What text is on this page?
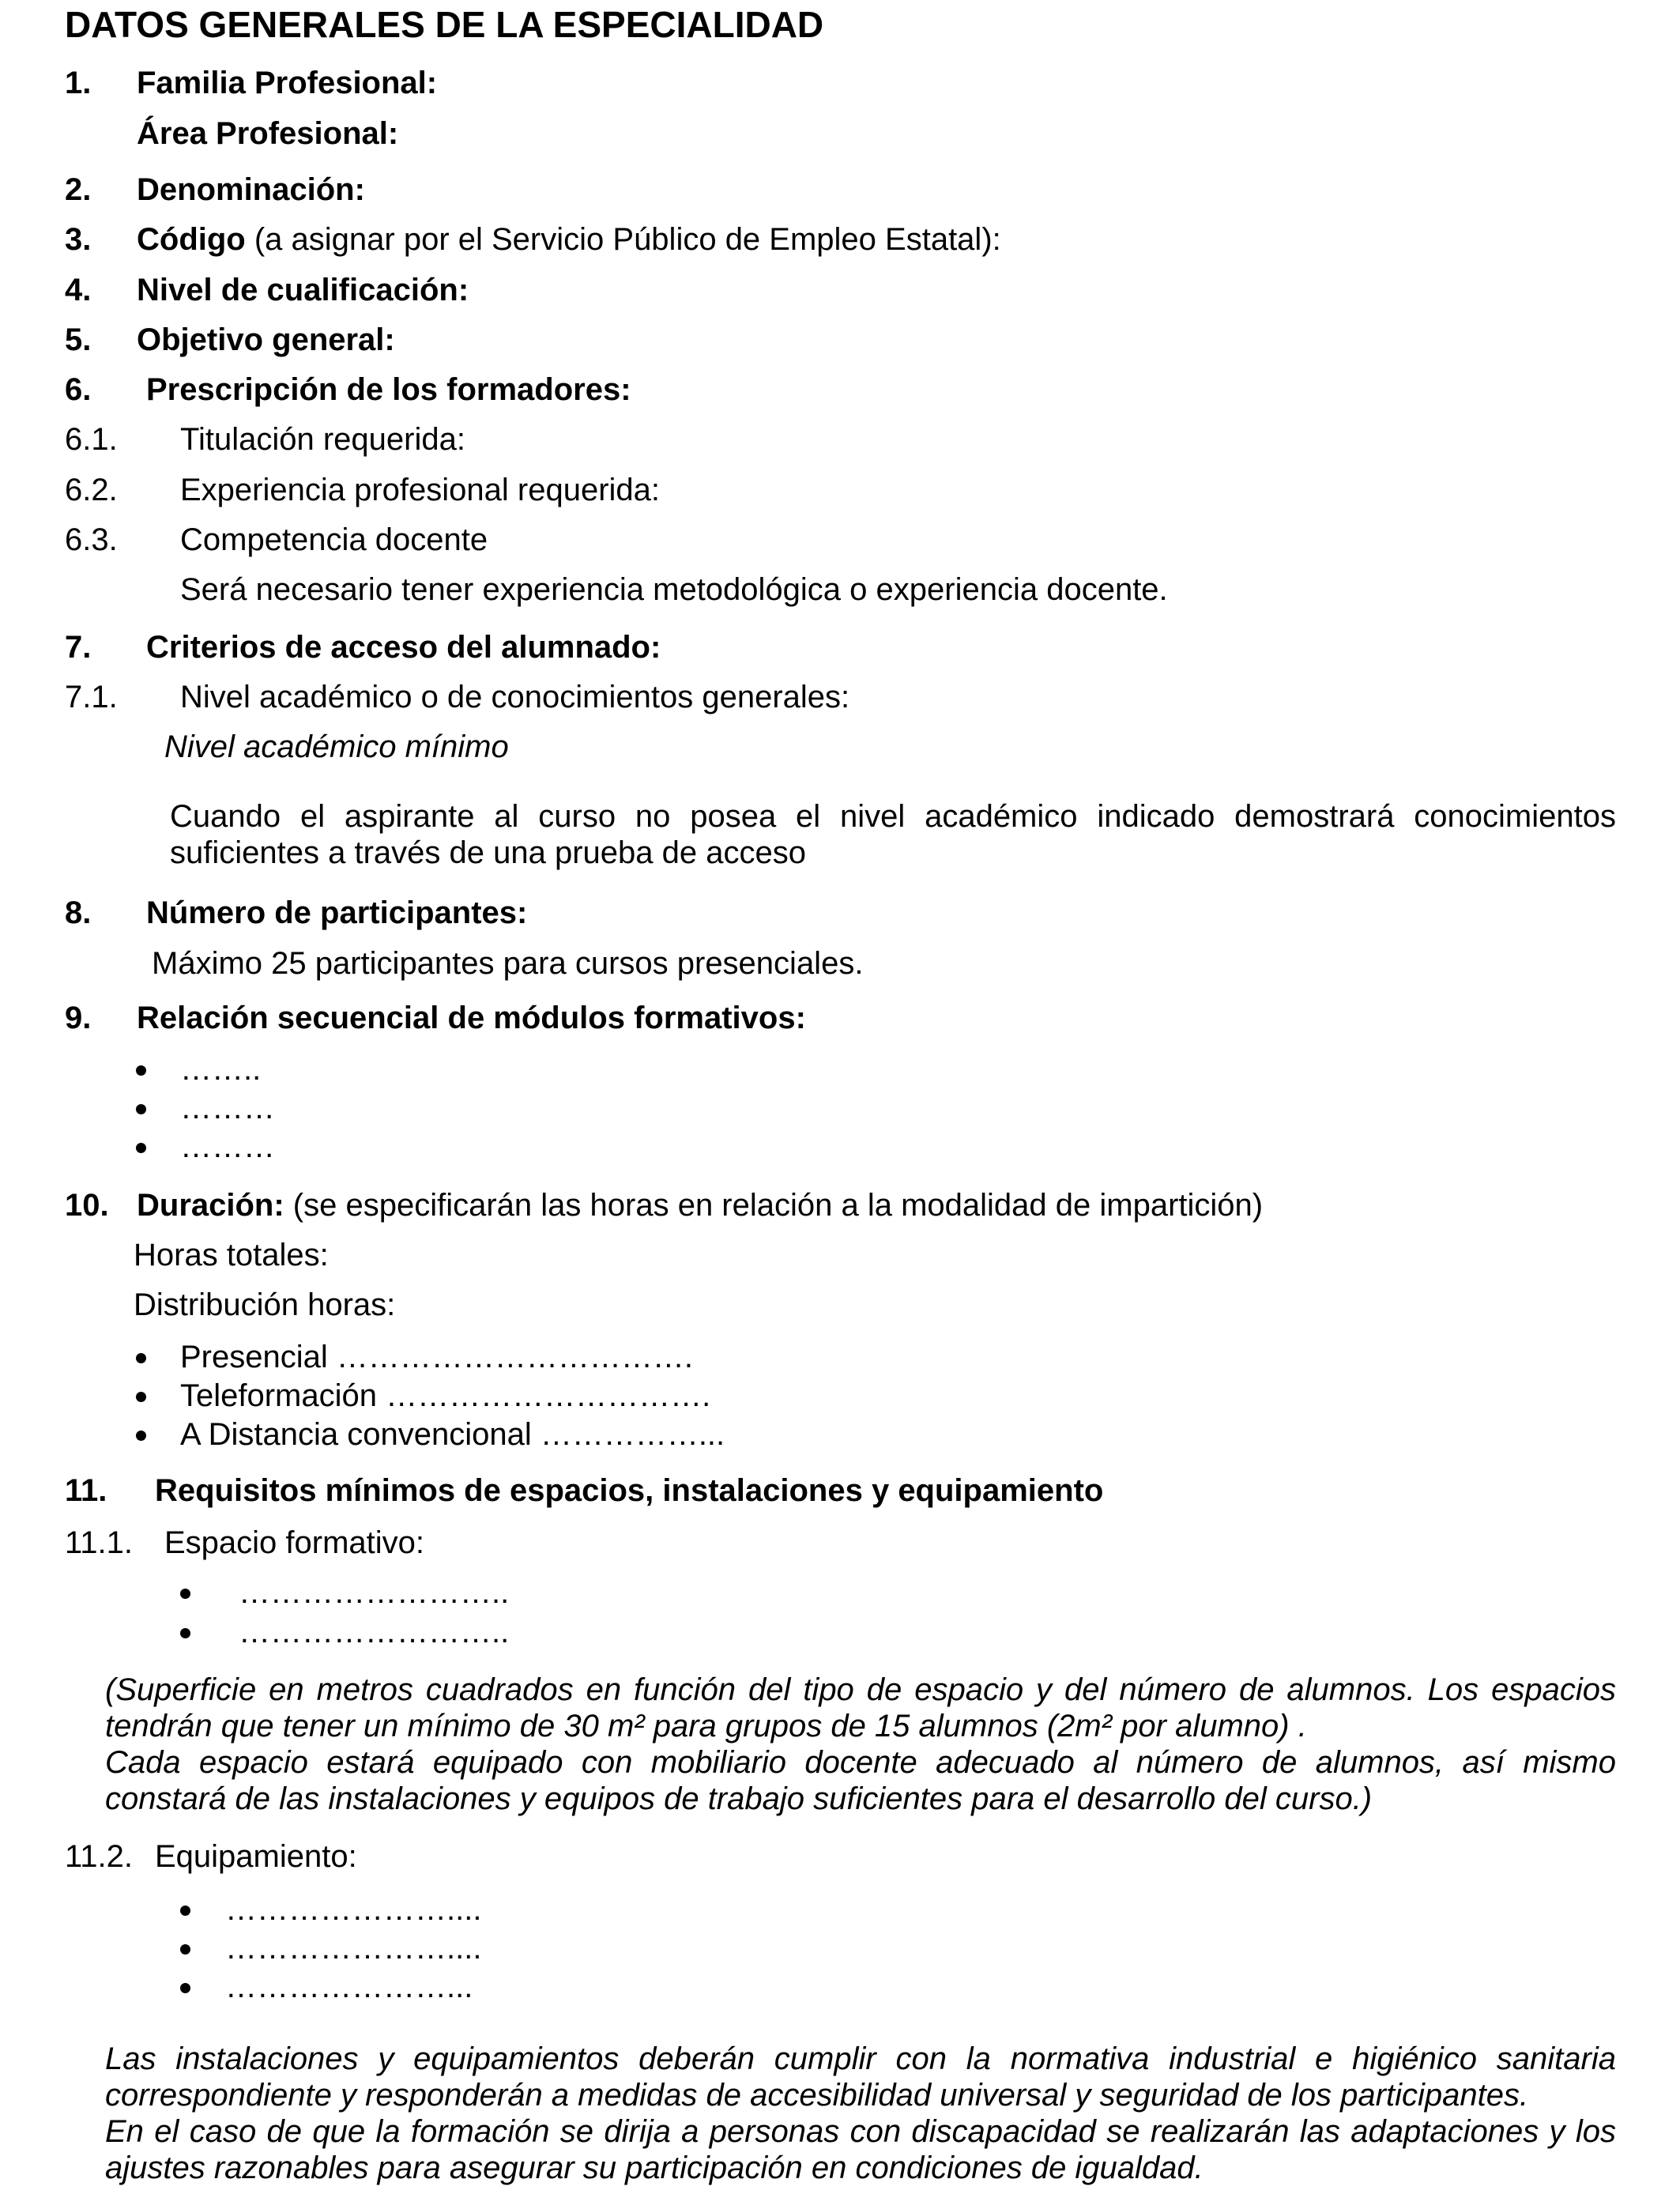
DATOS GENERALES DE LA ESPECIALIDAD
1. Familia Profesional:
Área Profesional:
2. Denominación:
3. Código (a asignar por el Servicio Público de Empleo Estatal):
4. Nivel de cualificación:
5. Objetivo general:
6. Prescripción de los formadores:
6.1. Titulación requerida:
6.2. Experiencia profesional requerida:
6.3. Competencia docente
Será necesario tener experiencia metodológica o experiencia docente.
7. Criterios de acceso del alumnado:
7.1. Nivel académico o de conocimientos generales:
Nivel académico mínimo
Cuando el aspirante al curso no posea el nivel académico indicado demostrará conocimientos suficientes a través de una prueba de acceso
8. Número de participantes:
Máximo 25 participantes para cursos presenciales.
9. Relación secuencial de módulos formativos:
……..
………
………
10. Duración: (se especificarán las horas en relación a la modalidad de impartición)
Horas totales:
Distribución horas:
Presencial …………………………….
Teleformación ………………………….
A Distancia convencional ……………...
11. Requisitos mínimos de espacios, instalaciones y equipamiento
11.1. Espacio formativo:
……………………..
……………………..
(Superficie en metros cuadrados en función del tipo de espacio y del número de alumnos. Los espacios tendrán que tener un mínimo de 30 m² para grupos de 15 alumnos (2m² por alumno) .
Cada espacio estará equipado con mobiliario docente adecuado al número de alumnos, así mismo constará de las instalaciones y equipos de trabajo suficientes para el desarrollo del curso.)
11.2. Equipamiento:
…………………....
…………………....
…………………...
Las instalaciones y equipamientos deberán cumplir con la normativa industrial e higiénico sanitaria correspondiente y responderán a medidas de accesibilidad universal y seguridad de los participantes.
En el caso de que la formación se dirija a personas con discapacidad se realizarán las adaptaciones y los ajustes razonables para asegurar su participación en condiciones de igualdad.
